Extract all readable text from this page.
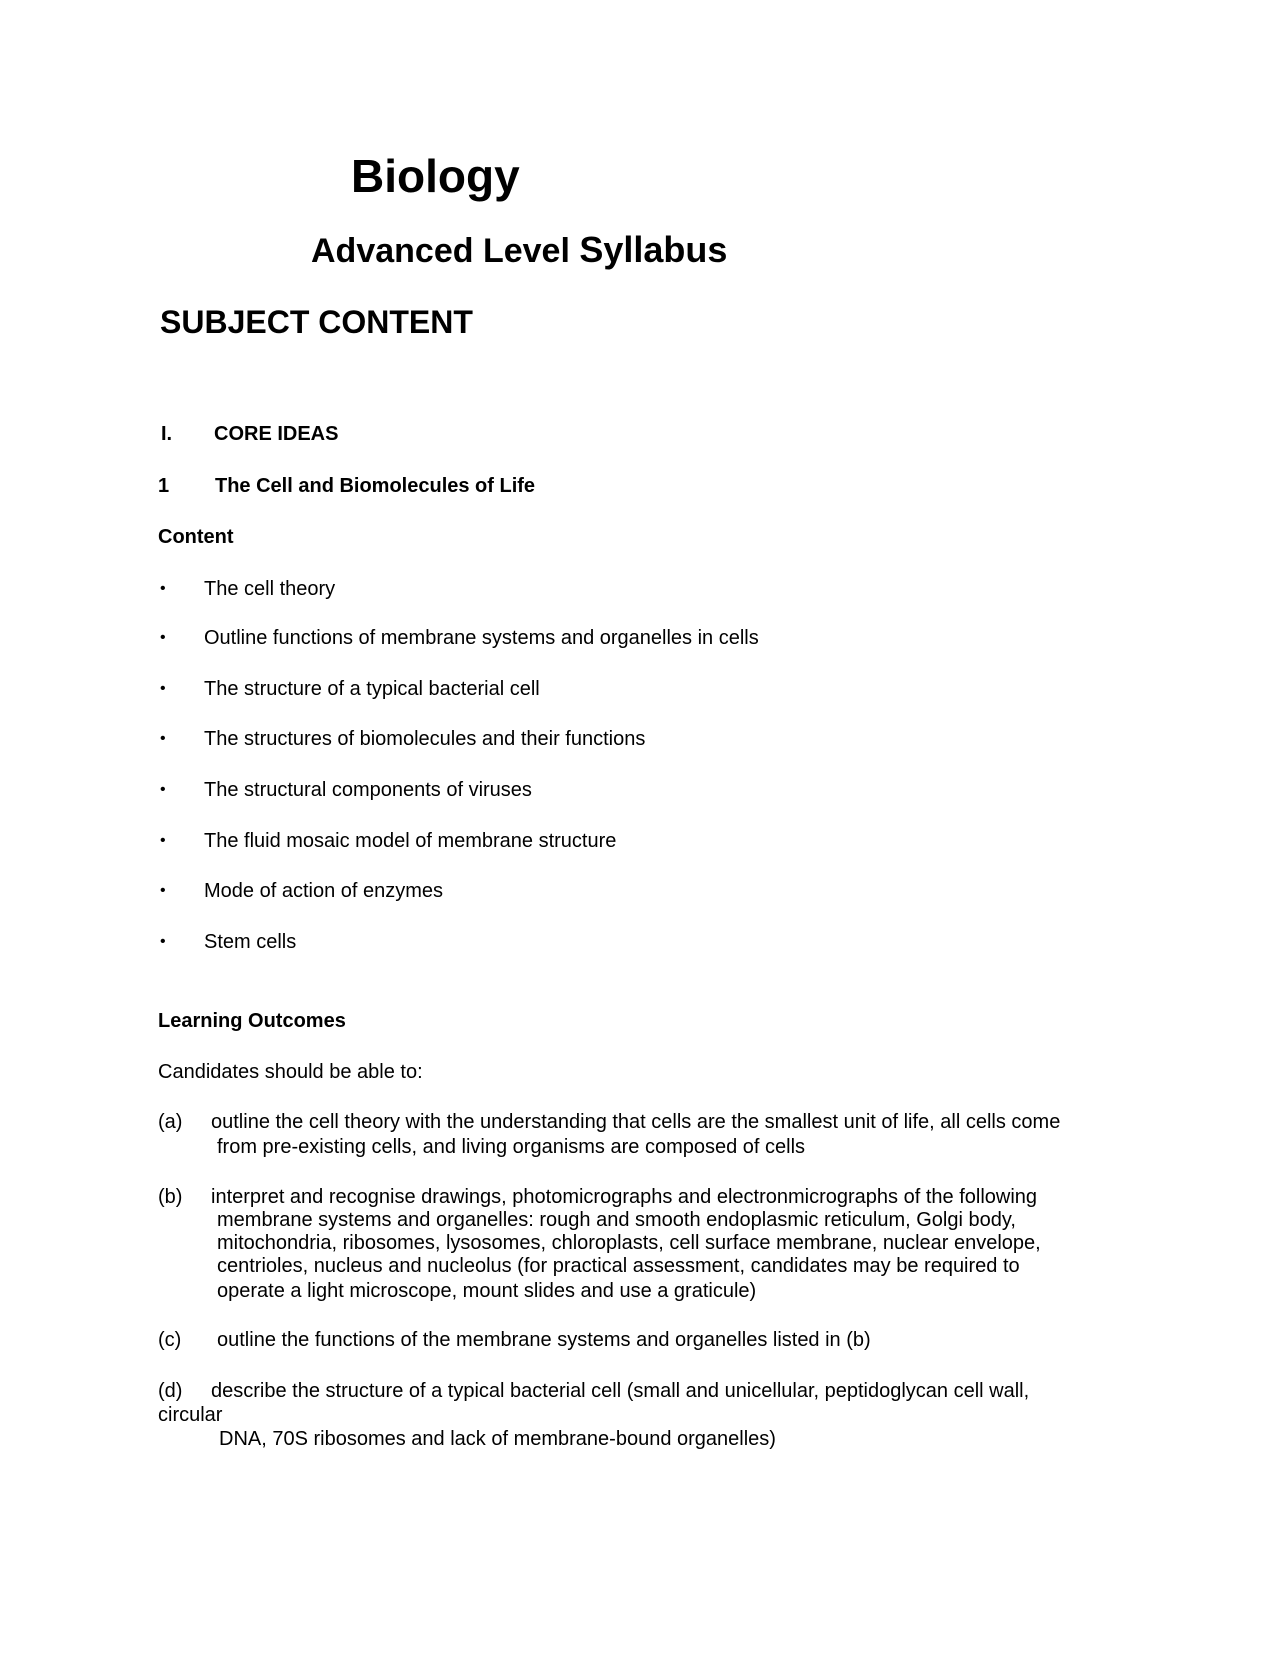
Biology
Advanced Level Syllabus
SUBJECT CONTENT
I. CORE IDEAS
1 The Cell and Biomolecules of Life
Content
• The cell theory
• Outline functions of membrane systems and organelles in cells
• The structure of a typical bacterial cell
• The structures of biomolecules and their functions
• The structural components of viruses
• The fluid mosaic model of membrane structure
• Mode of action of enzymes
• Stem cells
Learning Outcomes
Candidates should be able to:
(a) outline the cell theory with the understanding that cells are the smallest unit of life, all cells come
from pre-existing cells, and living organisms are composed of cells
(b) interpret and recognise drawings, photomicrographs and electronmicrographs of the following
membrane systems and organelles: rough and smooth endoplasmic reticulum, Golgi body,
mitochondria, ribosomes, lysosomes, chloroplasts, cell surface membrane, nuclear envelope,
centrioles, nucleus and nucleolus (for practical assessment, candidates may be required to
operate a light microscope, mount slides and use a graticule)
(c) outline the functions of the membrane systems and organelles listed in (b)
(d) describe the structure of a typical bacterial cell (small and unicellular, peptidoglycan cell wall,
circular
DNA, 70S ribosomes and lack of membrane-bound organelles)
